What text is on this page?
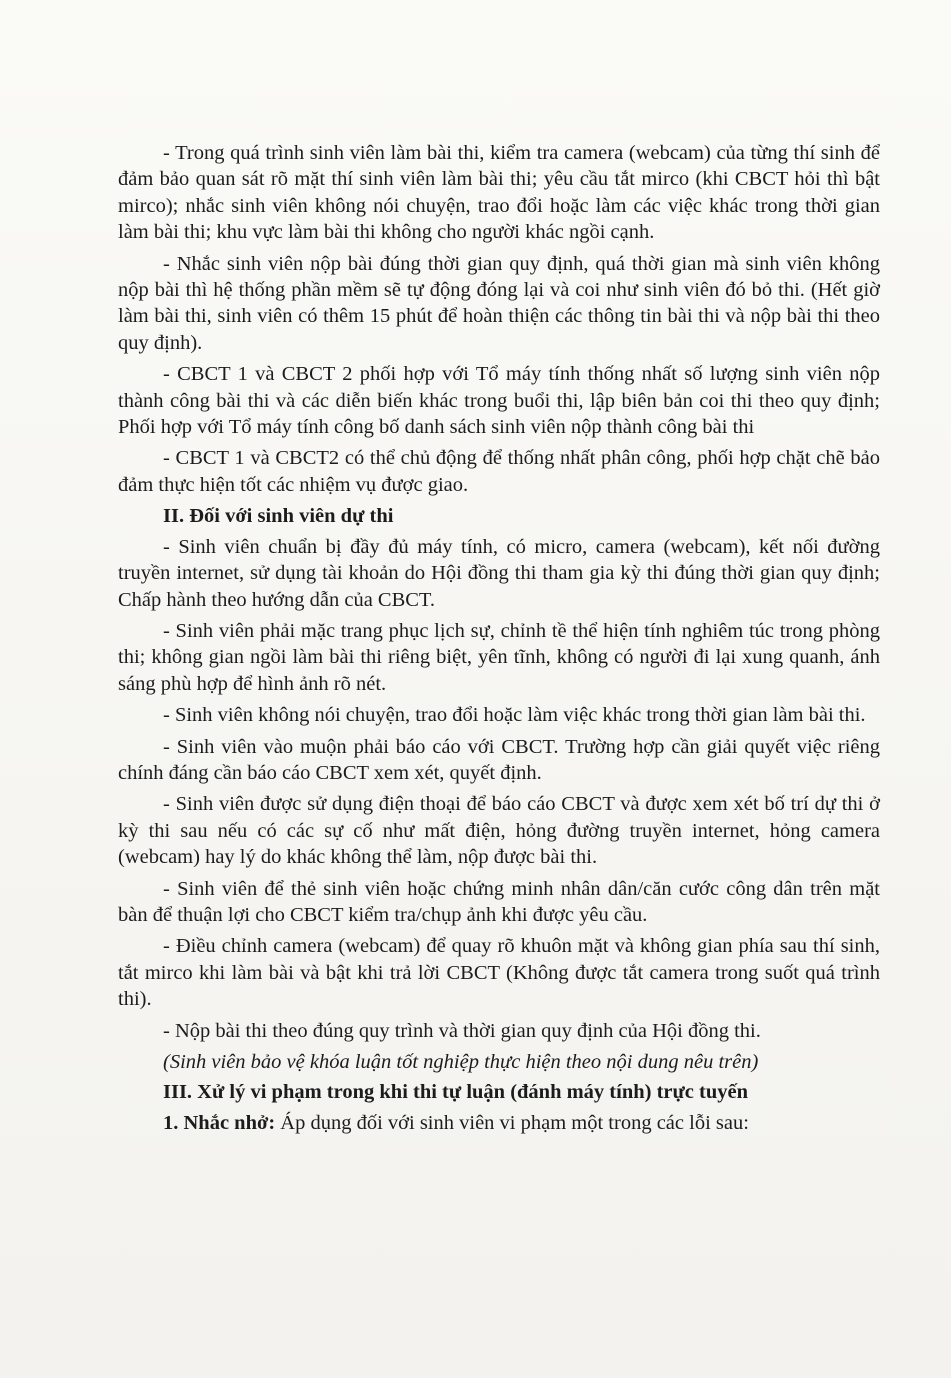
- Trong quá trình sinh viên làm bài thi, kiểm tra camera (webcam) của từng thí sinh để đảm bảo quan sát rõ mặt thí sinh viên làm bài thi; yêu cầu tắt mirco (khi CBCT hỏi thì bật mirco); nhắc sinh viên không nói chuyện, trao đổi hoặc làm các việc khác trong thời gian làm bài thi; khu vực làm bài thi không cho người khác ngồi cạnh.

- Nhắc sinh viên nộp bài đúng thời gian quy định, quá thời gian mà sinh viên không nộp bài thì hệ thống phần mềm sẽ tự động đóng lại và coi như sinh viên đó bỏ thi. (Hết giờ làm bài thi, sinh viên có thêm 15 phút để hoàn thiện các thông tin bài thi và nộp bài thi theo quy định).

- CBCT 1 và CBCT 2 phối hợp với Tổ máy tính thống nhất số lượng sinh viên nộp thành công bài thi và các diễn biến khác trong buổi thi, lập biên bản coi thi theo quy định; Phối hợp với Tổ máy tính công bố danh sách sinh viên nộp thành công bài thi

- CBCT 1 và CBCT2 có thể chủ động để thống nhất phân công, phối hợp chặt chẽ bảo đảm thực hiện tốt các nhiệm vụ được giao.

II. Đối với sinh viên dự thi

- Sinh viên chuẩn bị đầy đủ máy tính, có micro, camera (webcam), kết nối đường truyền internet, sử dụng tài khoản do Hội đồng thi tham gia kỳ thi đúng thời gian quy định; Chấp hành theo hướng dẫn của CBCT.

- Sinh viên phải mặc trang phục lịch sự, chỉnh tề thể hiện tính nghiêm túc trong phòng thi; không gian ngồi làm bài thi riêng biệt, yên tĩnh, không có người đi lại xung quanh, ánh sáng phù hợp để hình ảnh rõ nét.

- Sinh viên không nói chuyện, trao đổi hoặc làm việc khác trong thời gian làm bài thi.

- Sinh viên vào muộn phải báo cáo với CBCT. Trường hợp cần giải quyết việc riêng chính đáng cần báo cáo CBCT xem xét, quyết định.

- Sinh viên được sử dụng điện thoại để báo cáo CBCT và được xem xét bố trí dự thi ở kỳ thi sau nếu có các sự cố như mất điện, hỏng đường truyền internet, hỏng camera (webcam) hay lý do khác không thể làm, nộp được bài thi.

- Sinh viên để thẻ sinh viên hoặc chứng minh nhân dân/căn cước công dân trên mặt bàn để thuận lợi cho CBCT kiểm tra/chụp ảnh khi được yêu cầu.

- Điều chỉnh camera (webcam) để quay rõ khuôn mặt và không gian phía sau thí sinh, tắt mirco khi làm bài và bật khi trả lời CBCT (Không được tắt camera trong suốt quá trình thi).

- Nộp bài thi theo đúng quy trình và thời gian quy định của Hội đồng thi.

(Sinh viên bảo vệ khóa luận tốt nghiệp thực hiện theo nội dung nêu trên)

III. Xử lý vi phạm trong khi thi tự luận (đánh máy tính) trực tuyến

1. Nhắc nhở: Áp dụng đối với sinh viên vi phạm một trong các lỗi sau:
